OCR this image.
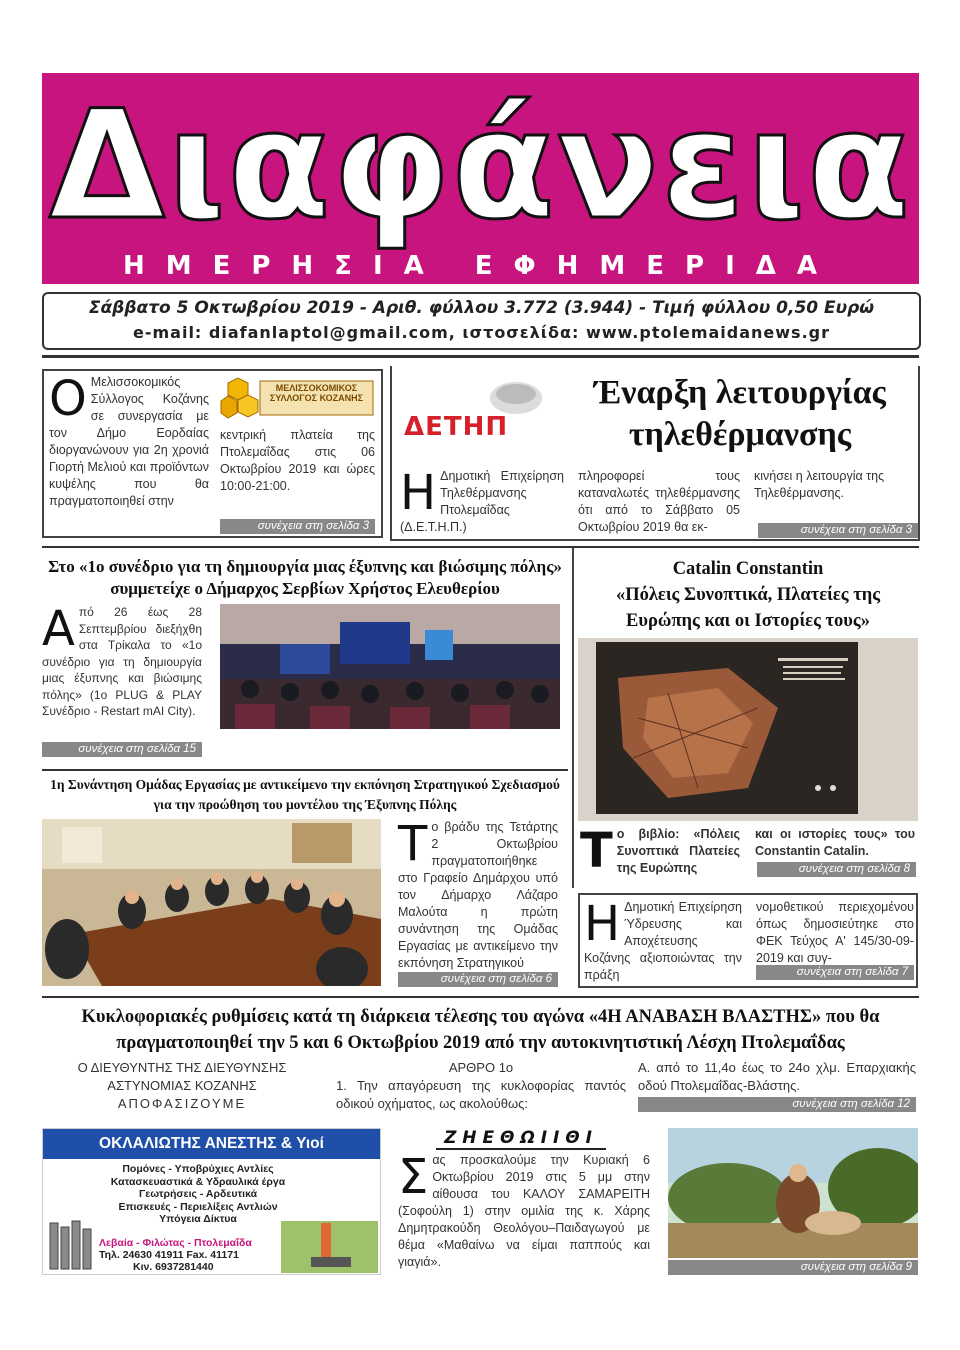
Διαφάνεια
ΗΜΕΡΗΣΙΑ ΕΦΗΜΕΡΙΔΑ
Σάββατο 5 Οκτωβρίου 2019 - Αριθ. φύλλου 3.772 (3.944) - Τιμή φύλλου 0,50 Ευρώ
e-mail: diafanlaptol@gmail.com, ιστοσελίδα: www.ptolemaidanews.gr
Ο Μελισσοκομικός Σύλλογος Κοζάνης σε συνεργασία με τον Δήμο Εορδαίας διοργανώνουν για 2η χρονιά Γιορτή Μελιού και προϊόντων κυψέλης που θα πραγματοποιηθεί στην
ΜΕΛΙΣΣΟΚΟΜΙΚΟΣ ΣΥΛΛΟΓΟΣ ΚΟΖΑΝΗΣ
κεντρική πλατεία της Πτολεμαΐδας στις 06 Οκτωβρίου 2019 και ώρες 10:00-21:00.
συνέχεια στη σελίδα 3
ΔΕΤΗΠ
Έναρξη λειτουργίας τηλεθέρμανσης
Η Δημοτική Επιχείρηση Τηλεθέρμανσης Πτολεμαΐδας (Δ.Ε.Τ.Η.Π.)
πληροφορεί τους καταναλωτές τηλεθέρμανσης ότι από το Σάββατο 05 Οκτωβρίου 2019 θα εκ-
κινήσει η λειτουργία της Τηλεθέρμανσης.
συνέχεια στη σελίδα 3
Στο «1ο συνέδριο για τη δημιουργία μιας έξυπνης και βιώσιμης πόλης» συμμετείχε ο Δήμαρχος Σερβίων Χρήστος Ελευθερίου
Από 26 έως 28 Σεπτεμβρίου διεξήχθη στα Τρίκαλα το «1ο συνέδριο για τη δημιουργία μιας έξυπνης και βιώσιμης πόλης» (1ο PLUG & PLAY Συνέδριο - Restart mAI City).
συνέχεια στη σελίδα 15
Catalin Constantin
«Πόλεις Συνοπτικά, Πλατείες της Ευρώπης και οι Ιστορίες τους»
Το βιβλίο: «Πόλεις Συνοπτικά Πλατείες της Ευρώπης
και οι ιστορίες τους» του Constantin Catalin.
συνέχεια στη σελίδα 8
1η Συνάντηση Ομάδας Εργασίας με αντικείμενο την εκπόνηση Στρατηγικού Σχεδιασμού για την προώθηση του μοντέλου της Έξυπνης Πόλης
Το βράδυ της Τετάρτης 2 Οκτωβρίου πραγματοποιήθηκε στο Γραφείο Δημάρχου υπό τον Δήμαρχο Λάζαρο Μαλούτα η πρώτη συνάντηση της Ομάδας Εργασίας με αντικείμενο την εκπόνηση Στρατηγικού
συνέχεια στη σελίδα 6
Η Δημοτική Επιχείρηση Ύδρευσης και Αποχέτευσης Κοζάνης αξιοποιώντας την πράξη
νομοθετικού περιεχομένου όπως δημοσιεύτηκε στο ΦΕΚ Τεύχος Α' 145/30-09-2019 και συγ-
συνέχεια στη σελίδα 7
Κυκλοφοριακές ρυθμίσεις κατά τη διάρκεια τέλεσης του αγώνα «4Η ΑΝΑΒΑΣΗ ΒΛΑΣΤΗΣ» που θα πραγματοποιηθεί την 5 και 6 Οκτωβρίου 2019 από την αυτοκινητιστική Λέσχη Πτολεμαΐδας
Ο ΔΙΕΥΘΥΝΤΗΣ ΤΗΣ ΔΙΕΥΘΥΝΣΗΣ
ΑΣΤΥΝΟΜΙΑΣ ΚΟΖΑΝΗΣ
ΑΠΟΦΑΣΙΖΟΥΜΕ
ΑΡΘΡΟ 1ο
1. Την απαγόρευση της κυκλοφορίας παντός οδικού οχήματος, ως ακολούθως:
Α. από το 11,4ο έως το 24ο χλμ. Επαρχιακής οδού Πτολεμαΐδας-Βλάστης.
συνέχεια στη σελίδα 12
ΟΚΛΑΛΙΩΤΗΣ ΑΝΕΣΤΗΣ & Υιοί
Πομόνες - Υποβρύχιες Αντλίες
Κατασκευαστικά & Υδραυλικά έργα
Γεωτρήσεις - Αρδευτικά
Επισκευές - Περιελίξεις Αντλιών
Υπόγεια Δίκτυα
Λεβαία - Φιλώτας - Πτολεμαΐδα
Τηλ. 24630 41911 Fax. 41171
Κιν. 6937281440
Ζ Η Ε Θ Ω Ι Ι Θ Ι
Σας προσκαλούμε την Κυριακή 6 Οκτωβρίου 2019 στις 5 μμ στην αίθουσα του ΚΑΛΟΥ ΣΑΜΑΡΕΙΤΗ (Σοφούλη 1) στην ομιλία της κ. Χάρης Δημητρακούδη Θεολόγου–Παιδαγωγού με θέμα «Μαθαίνω να είμαι παππούς και γιαγιά».	συνέχεια στη σελίδα 9
